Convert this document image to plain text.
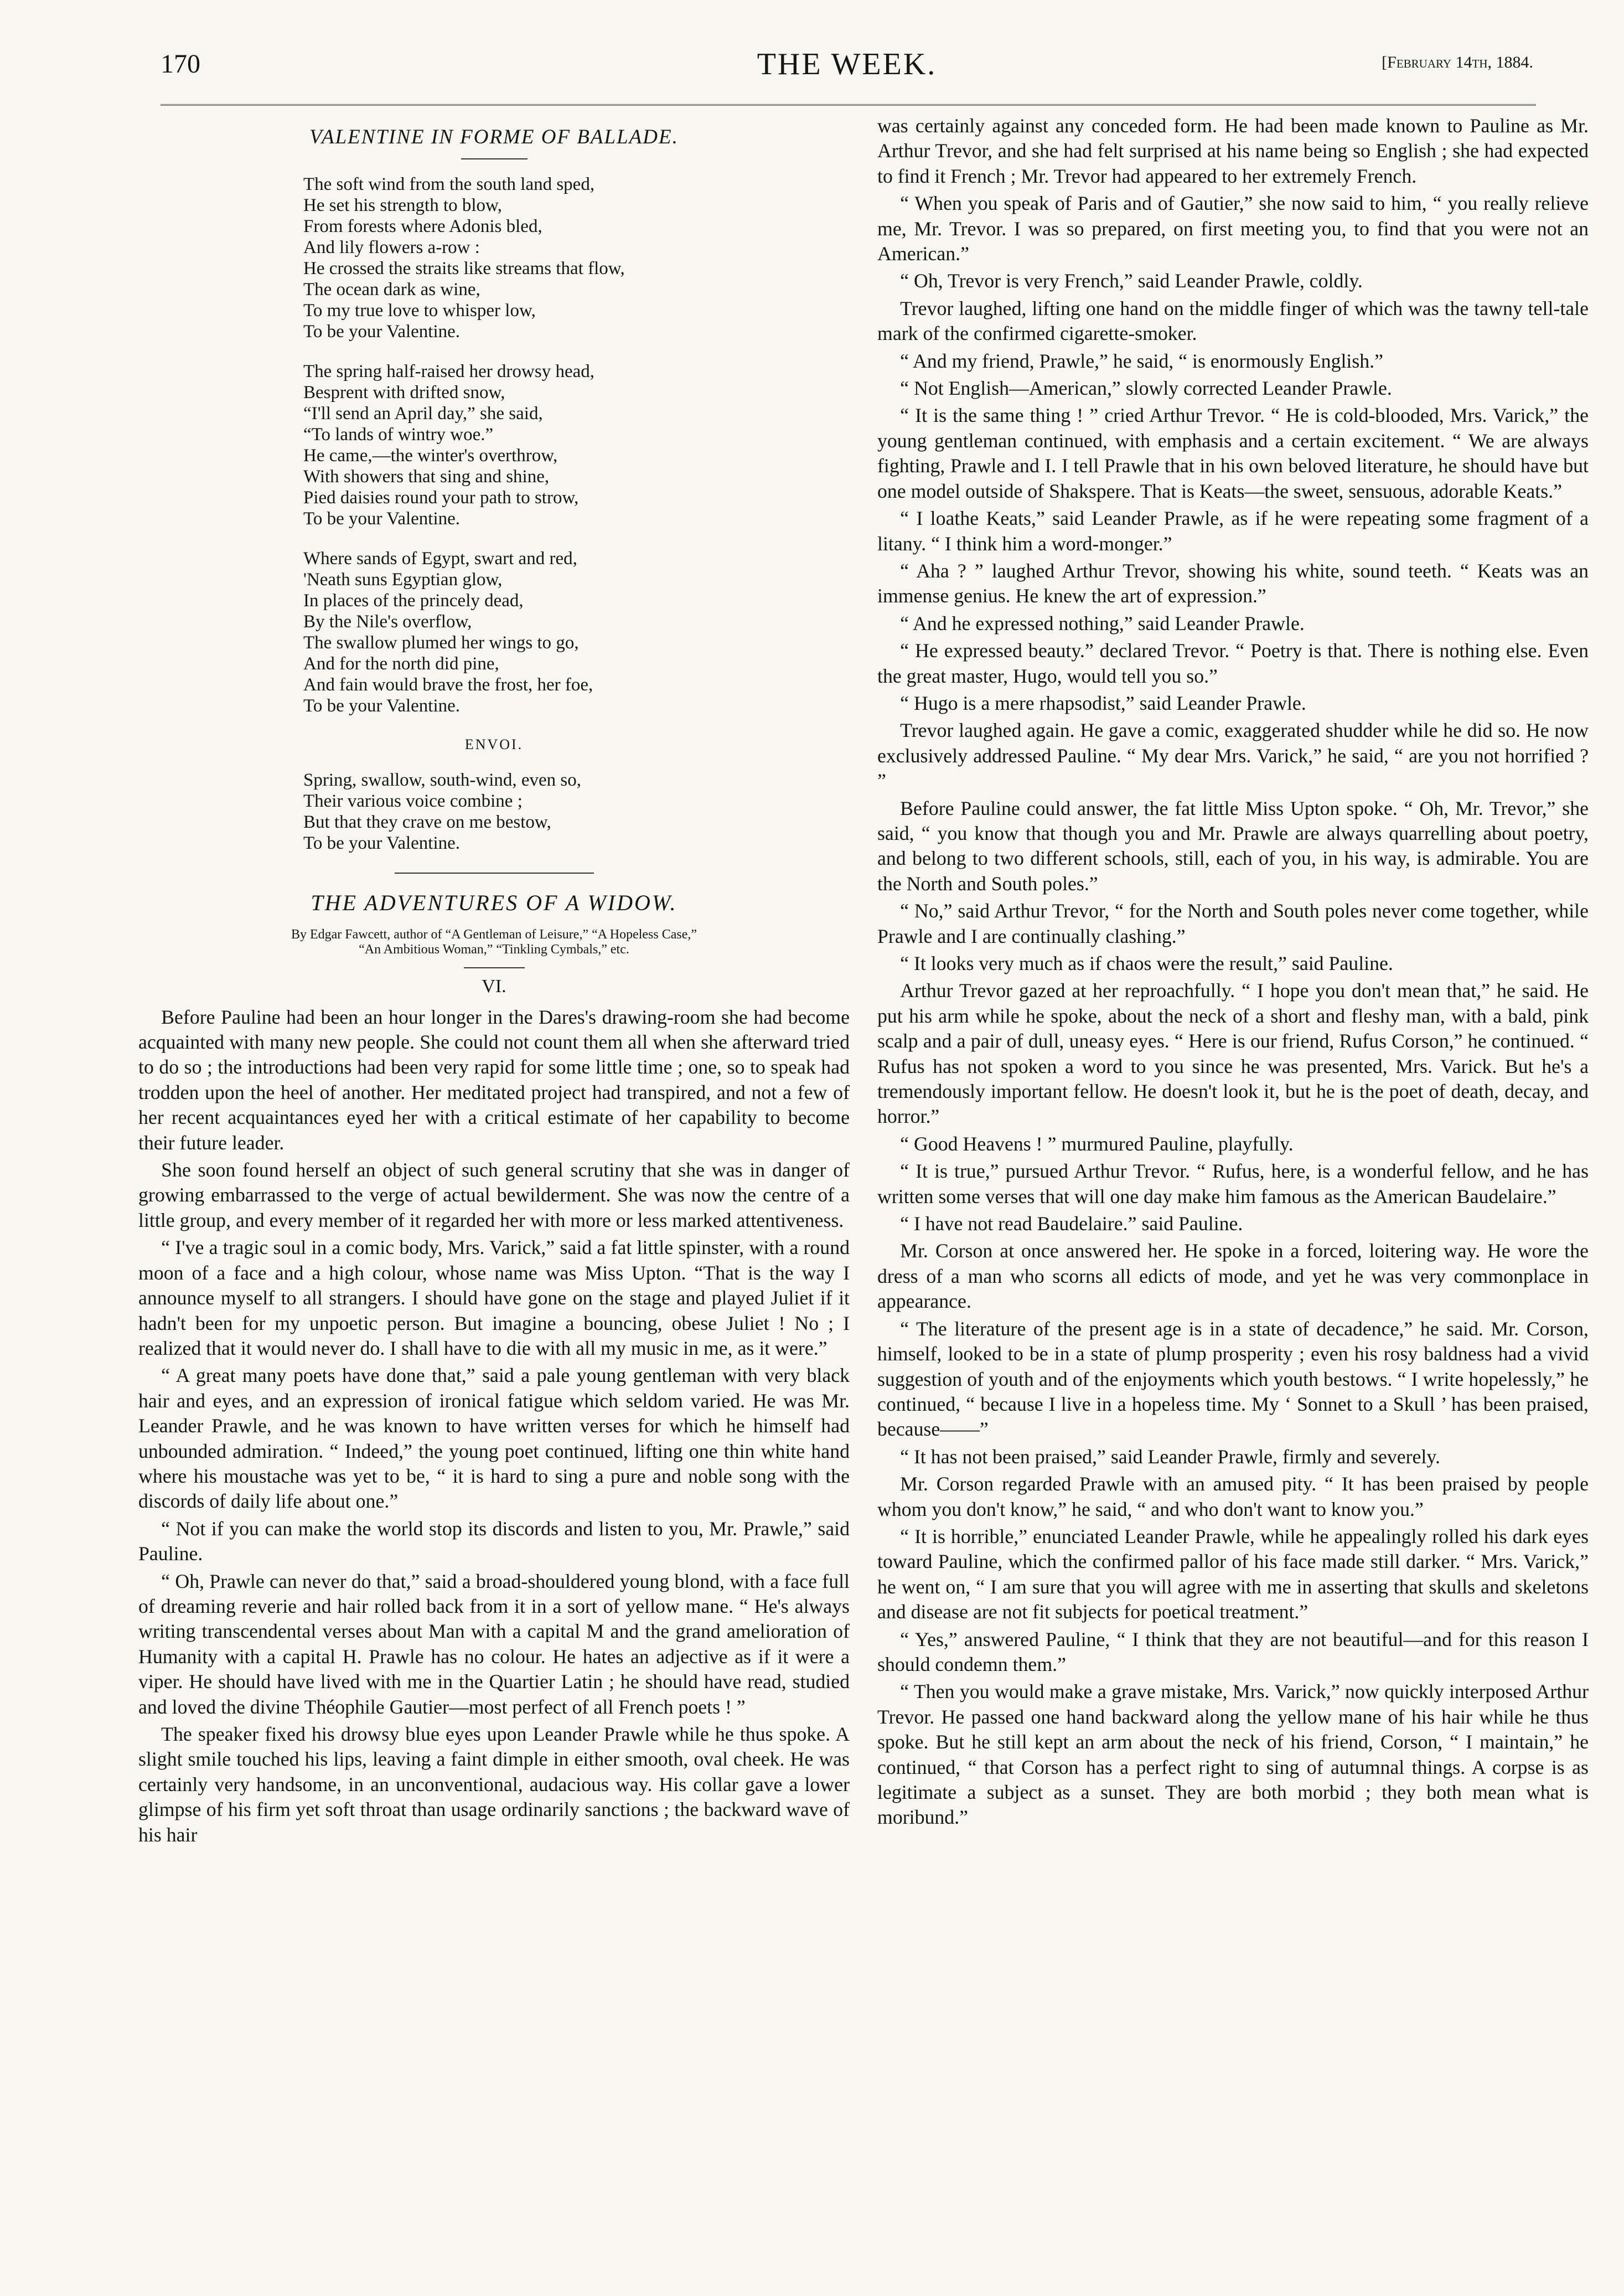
170	THE WEEK.	[February 14th, 1884.
VALENTINE IN FORME OF BALLADE.
The soft wind from the south land sped,
He set his strength to blow,
From forests where Adonis bled,
And lily flowers a-row :
He crossed the straits like streams that flow,
The ocean dark as wine,
To my true love to whisper low,
To be your Valentine.
The spring half-raised her drowsy head,
Besprent with drifted snow,
“I'll send an April day,” she said,
“To lands of wintry woe.”
He came,—the winter's overthrow,
With showers that sing and shine,
Pied daisies round your path to strow,
To be your Valentine.
Where sands of Egypt, swart and red,
'Neath suns Egyptian glow,
In places of the princely dead,
By the Nile's overflow,
The swallow plumed her wings to go,
And for the north did pine,
And fain would brave the frost, her foe,
To be your Valentine.
ENVOI.
Spring, swallow, south-wind, even so,
Their various voice combine ;
But that they crave on me bestow,
To be your Valentine.
THE ADVENTURES OF A WIDOW.
By Edgar Fawcett, author of “A Gentleman of Leisure,” “A Hopeless Case,”
“An Ambitious Woman,” “Tinkling Cymbals,” etc.
VI.

Before Pauline had been an hour longer in the Dares's drawing-room she had become acquainted with many new people. She could not count them all when she afterward tried to do so ; the introductions had been very rapid for some little time ; one, so to speak had trodden upon the heel of another. Her meditated project had transpired, and not a few of her recent acquaintances eyed her with a critical estimate of her capability to become their future leader.

She soon found herself an object of such general scrutiny that she was in danger of growing embarrassed to the verge of actual bewilderment. She was now the centre of a little group, and every member of it regarded her with more or less marked attentiveness.

“ I've a tragic soul in a comic body, Mrs. Varick,” said a fat little spinster, with a round moon of a face and a high colour, whose name was Miss Upton. “That is the way I announce myself to all strangers. I should have gone on the stage and played Juliet if it hadn't been for my unpoetic person. But imagine a bouncing, obese Juliet ! No ; I realized that it would never do. I shall have to die with all my music in me, as it were.”

“ A great many poets have done that,” said a pale young gentleman with very black hair and eyes, and an expression of ironical fatigue which seldom varied. He was Mr. Leander Prawle, and he was known to have written verses for which he himself had unbounded admiration. “ Indeed,” the young poet continued, lifting one thin white hand where his moustache was yet to be, “ it is hard to sing a pure and noble song with the discords of daily life about one.”

“ Not if you can make the world stop its discords and listen to you, Mr. Prawle,” said Pauline.

“ Oh, Prawle can never do that,” said a broad-shouldered young blond, with a face full of dreaming reverie and hair rolled back from it in a sort of yellow mane. “ He's always writing transcendental verses about Man with a capital M and the grand amelioration of Humanity with a capital H. Prawle has no colour. He hates an adjective as if it were a viper. He should have lived with me in the Quartier Latin ; he should have read, studied and loved the divine Théophile Gautier—most perfect of all French poets ! ”

The speaker fixed his drowsy blue eyes upon Leander Prawle while he thus spoke. A slight smile touched his lips, leaving a faint dimple in either smooth, oval cheek. He was certainly very handsome, in an unconventional, audacious way. His collar gave a lower glimpse of his firm yet soft throat than usage ordinarily sanctions ; the backward wave of his hair

was certainly against any conceded form. He had been made known to Pauline as Mr. Arthur Trevor, and she had felt surprised at his name being so English ; she had expected to find it French ; Mr. Trevor had appeared to her extremely French.

“ When you speak of Paris and of Gautier,” she now said to him, “ you really relieve me, Mr. Trevor. I was so prepared, on first meeting you, to find that you were not an American.”

“ Oh, Trevor is very French,” said Leander Prawle, coldly.

Trevor laughed, lifting one hand on the middle finger of which was the tawny tell-tale mark of the confirmed cigarette-smoker.

“ And my friend, Prawle,” he said, “ is enormously English.”

“ Not English—American,” slowly corrected Leander Prawle.

“ It is the same thing ! ” cried Arthur Trevor. “ He is cold-blooded, Mrs. Varick,” the young gentleman continued, with emphasis and a certain excitement. “ We are always fighting, Prawle and I. I tell Prawle that in his own beloved literature, he should have but one model outside of Shakspere. That is Keats—the sweet, sensuous, adorable Keats.”

“ I loathe Keats,” said Leander Prawle, as if he were repeating some fragment of a litany. “ I think him a word-monger.”

“ Aha ? ” laughed Arthur Trevor, showing his white, sound teeth. “ Keats was an immense genius. He knew the art of expression.”

“ And he expressed nothing,” said Leander Prawle.

“ He expressed beauty.” declared Trevor. “ Poetry is that. There is nothing else. Even the great master, Hugo, would tell you so.”

“ Hugo is a mere rhapsodist,” said Leander Prawle.

Trevor laughed again. He gave a comic, exaggerated shudder while he did so. He now exclusively addressed Pauline. “ My dear Mrs. Varick,” he said, “ are you not horrified ? ”

Before Pauline could answer, the fat little Miss Upton spoke. “ Oh, Mr. Trevor,” she said, “ you know that though you and Mr. Prawle are always quarrelling about poetry, and belong to two different schools, still, each of you, in his way, is admirable. You are the North and South poles.”

“ No,” said Arthur Trevor, “ for the North and South poles never come together, while Prawle and I are continually clashing.”

“ It looks very much as if chaos were the result,” said Pauline.

Arthur Trevor gazed at her reproachfully. “ I hope you don't mean that,” he said. He put his arm while he spoke, about the neck of a short and fleshy man, with a bald, pink scalp and a pair of dull, uneasy eyes. “ Here is our friend, Rufus Corson,” he continued. “ Rufus has not spoken a word to you since he was presented, Mrs. Varick. But he's a tremendously important fellow. He doesn't look it, but he is the poet of death, decay, and horror.”

“ Good Heavens ! ” murmured Pauline, playfully.

“ It is true,” pursued Arthur Trevor. “ Rufus, here, is a wonderful fellow, and he has written some verses that will one day make him famous as the American Baudelaire.”

“ I have not read Baudelaire.” said Pauline.

Mr. Corson at once answered her. He spoke in a forced, loitering way. He wore the dress of a man who scorns all edicts of mode, and yet he was very commonplace in appearance.

“ The literature of the present age is in a state of decadence,” he said. Mr. Corson, himself, looked to be in a state of plump prosperity ; even his rosy baldness had a vivid suggestion of youth and of the enjoyments which youth bestows. “ I write hopelessly,” he continued, “ because I live in a hopeless time. My ‘ Sonnet to a Skull ’ has been praised, because——”

“ It has not been praised,” said Leander Prawle, firmly and severely.

Mr. Corson regarded Prawle with an amused pity. “ It has been praised by people whom you don't know,” he said, “ and who don't want to know you.”

“ It is horrible,” enunciated Leander Prawle, while he appealingly rolled his dark eyes toward Pauline, which the confirmed pallor of his face made still darker. “ Mrs. Varick,” he went on, “ I am sure that you will agree with me in asserting that skulls and skeletons and disease are not fit subjects for poetical treatment.”

“ Yes,” answered Pauline, “ I think that they are not beautiful—and for this reason I should condemn them.”

“ Then you would make a grave mistake, Mrs. Varick,” now quickly interposed Arthur Trevor. He passed one hand backward along the yellow mane of his hair while he thus spoke. But he still kept an arm about the neck of his friend, Corson, “ I maintain,” he continued, “ that Corson has a perfect right to sing of autumnal things. A corpse is as legitimate a subject as a sunset. They are both morbid ; they both mean what is moribund.”
